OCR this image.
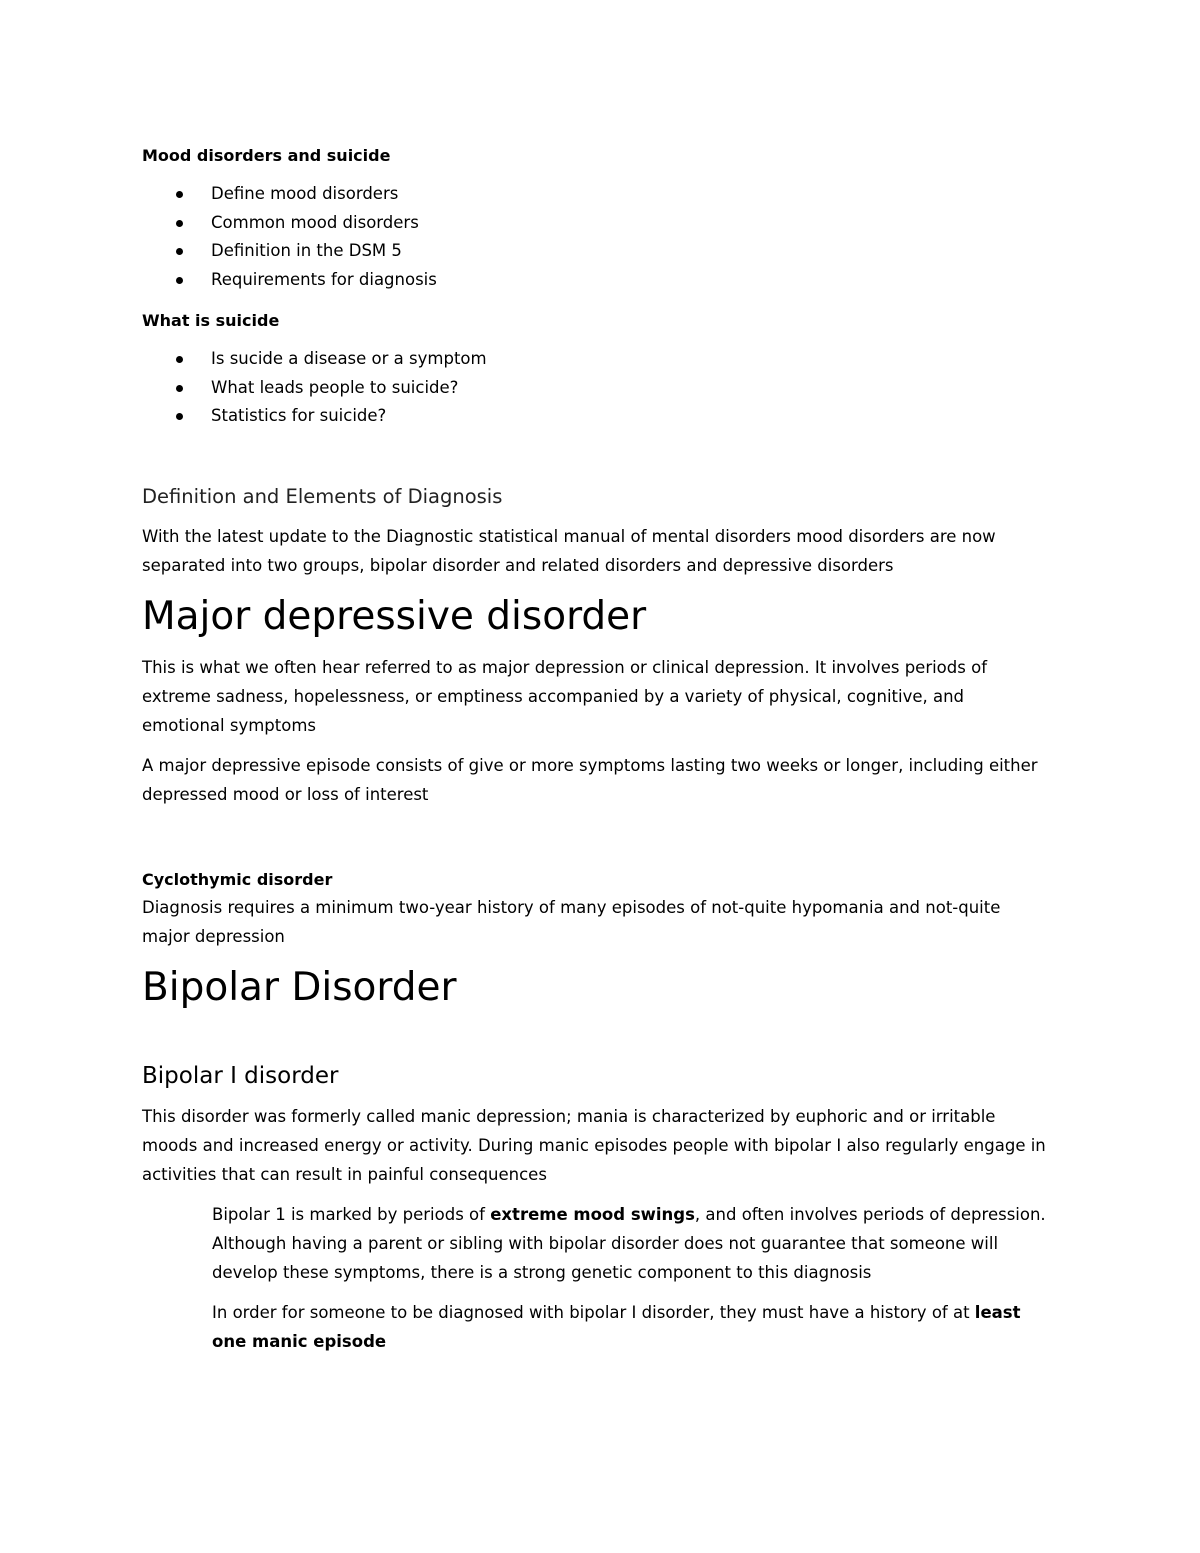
Mood disorders and suicide
Define mood disorders
Common mood disorders
Definition in the DSM 5
Requirements for diagnosis
What is suicide
Is sucide a disease or a symptom
What leads people to suicide?
Statistics for suicide?
Definition and Elements of Diagnosis

With the latest update to the Diagnostic statistical manual of mental disorders mood disorders are now separated into two groups, bipolar disorder and related disorders and depressive disorders

Major depressive disorder

This is what we often hear referred to as major depression or clinical depression. It involves periods of extreme sadness, hopelessness, or emptiness accompanied by a variety of physical, cognitive, and emotional symptoms

A major depressive episode consists of give or more symptoms lasting two weeks or longer, including either depressed mood or loss of interest

Cyclothymic disorder

Diagnosis requires a minimum two-year history of many episodes of not-quite hypomania and not-quite major depression

Bipolar Disorder
Bipolar I disorder

This disorder was formerly called manic depression; mania is characterized by euphoric and or irritable moods and increased energy or activity. During manic episodes people with bipolar I also regularly engage in activities that can result in painful consequences

Bipolar 1 is marked by periods of extreme mood swings, and often involves periods of depression. Although having a parent or sibling with bipolar disorder does not guarantee that someone will develop these symptoms, there is a strong genetic component to this diagnosis

In order for someone to be diagnosed with bipolar I disorder, they must have a history of at least one manic episode
